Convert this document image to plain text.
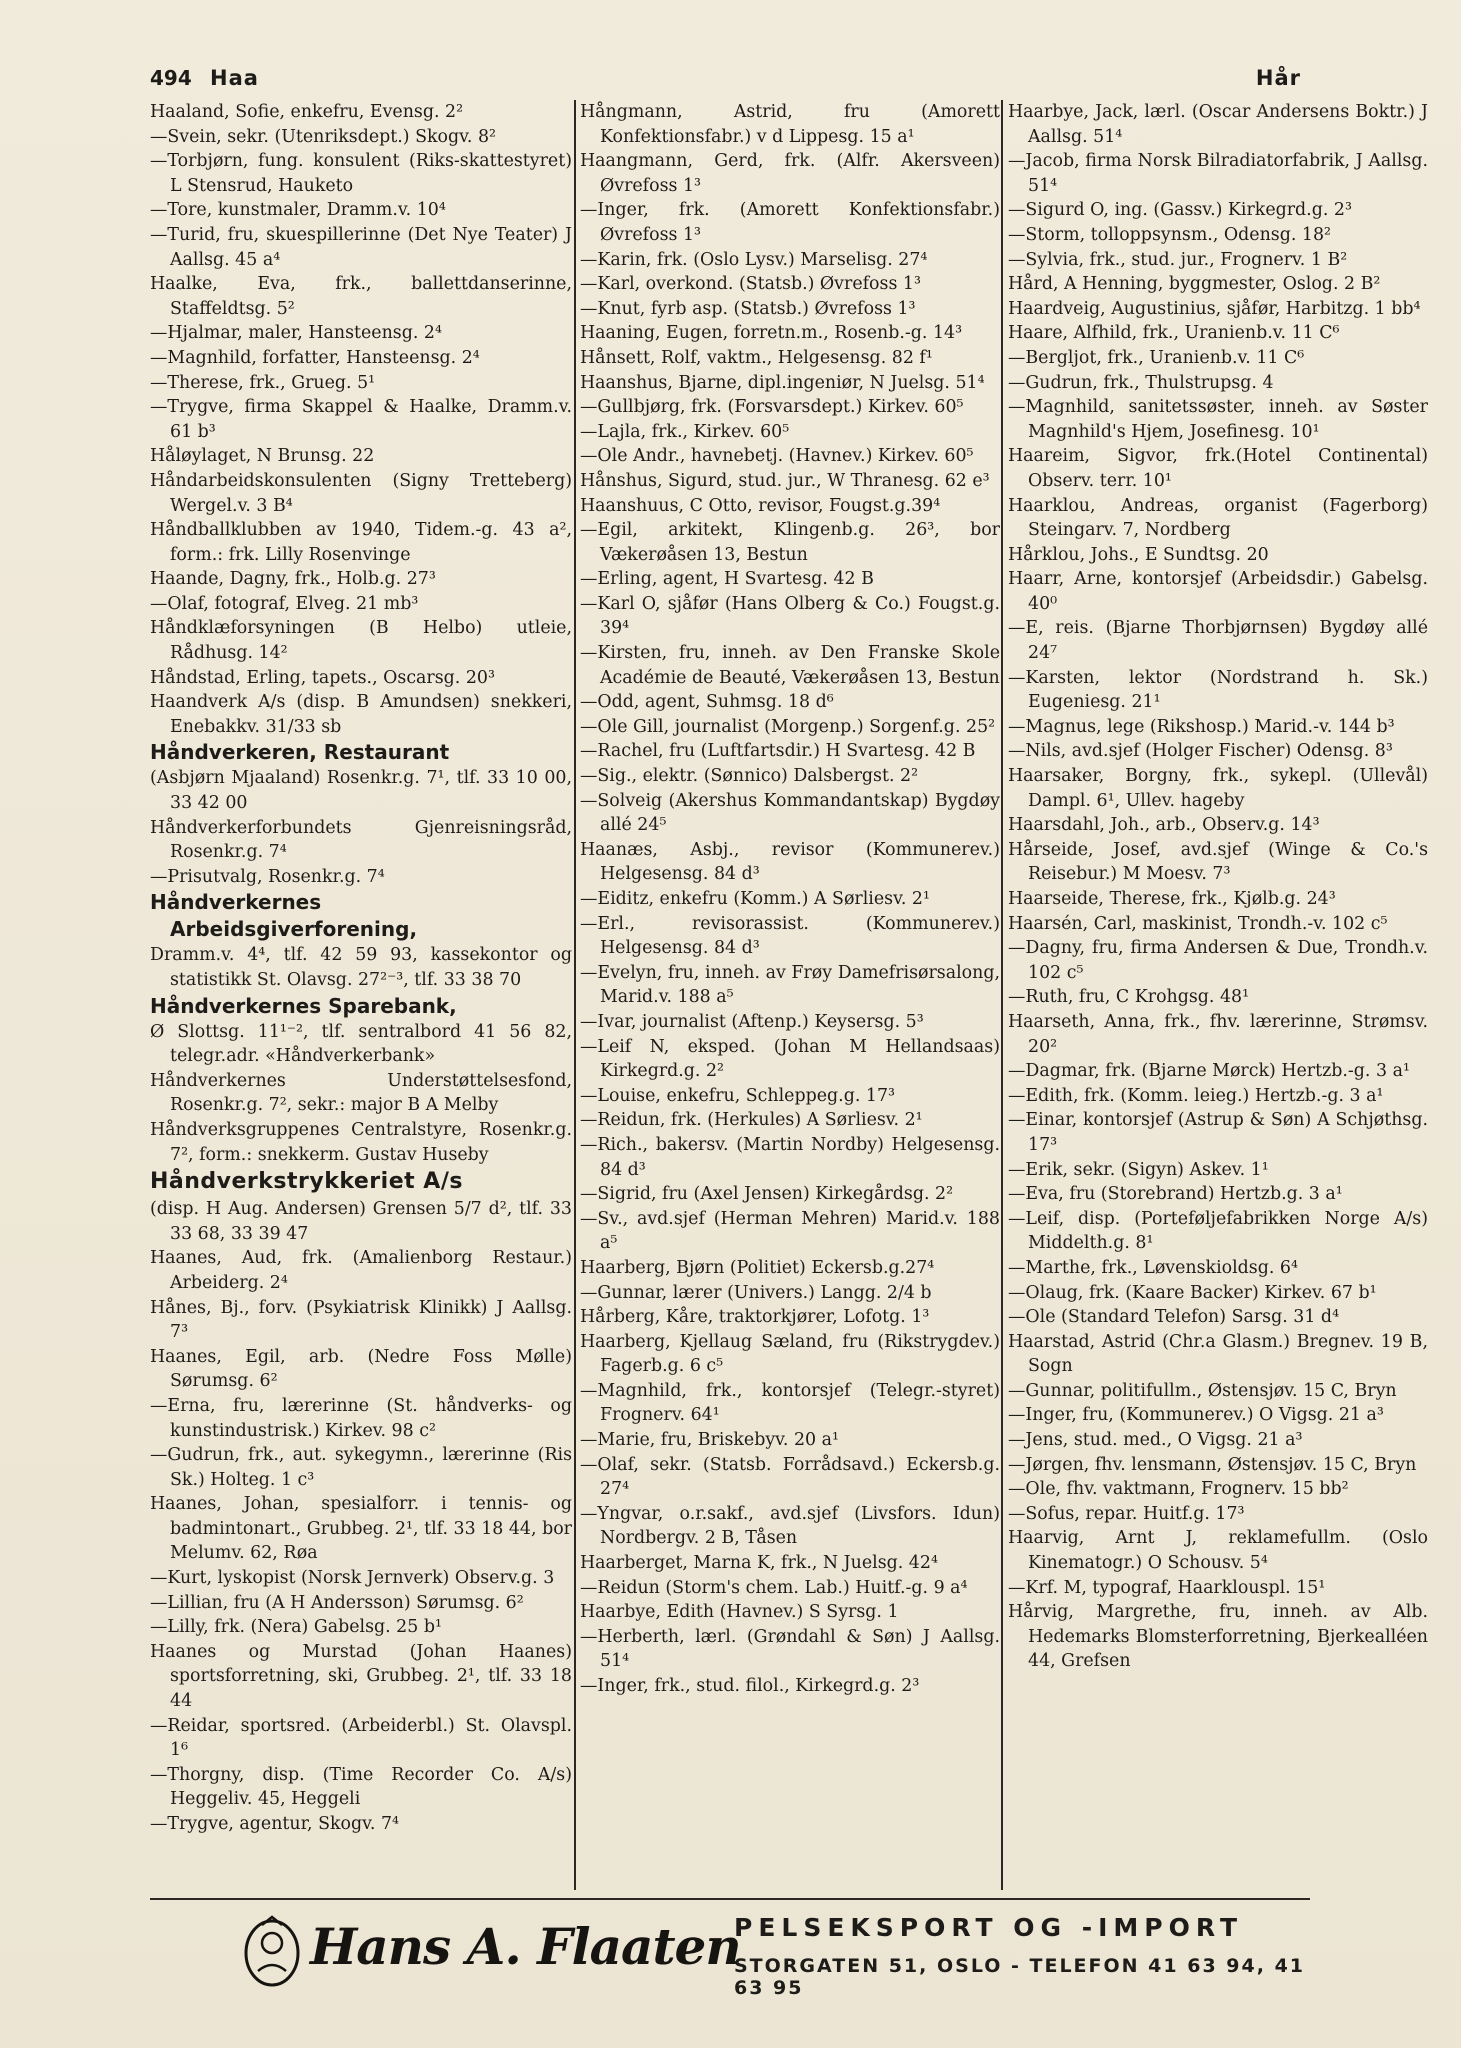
494 Haa	Hår

Haaland, Sofie, enkefru, Evensg. 2²

—Svein, sekr. (Utenriksdept.) Skogv. 8²

—Torbjørn, fung. konsulent (Riks-skattestyret) L Stensrud, Hauketo

—Tore, kunstmaler, Dramm.v. 10⁴

—Turid, fru, skuespillerinne (Det Nye Teater) J Aallsg. 45 a⁴

Haalke, Eva, frk., ballettdanserinne, Staffeldtsg. 5²

—Hjalmar, maler, Hansteensg. 2⁴

—Magnhild, forfatter, Hansteensg. 2⁴

—Therese, frk., Grueg. 5¹

—Trygve, firma Skappel & Haalke, Dramm.v. 61 b³

Håløylaget, N Brunsg. 22

Håndarbeidskonsulenten (Signy Tretteberg) Wergel.v. 3 B⁴

Håndballklubben av 1940, Tidem.-g. 43 a², form.: frk. Lilly Rosenvinge

Haande, Dagny, frk., Holb.g. 27³

—Olaf, fotograf, Elveg. 21 mb³

Håndklæforsyningen (B Helbo) utleie, Rådhusg. 14²

Håndstad, Erling, tapets., Oscarsg. 20³

Haandverk A/s (disp. B Amundsen) snekkeri, Enebakkv. 31/33 sb

Håndverkeren, Restaurant

(Asbjørn Mjaaland) Rosenkr.g. 7¹, tlf. 33 10 00, 33 42 00

Håndverkerforbundets Gjenreisningsråd, Rosenkr.g. 7⁴

—Prisutvalg, Rosenkr.g. 7⁴

Håndverkernes Arbeidsgiverforening,

Dramm.v. 4⁴, tlf. 42 59 93, kassekontor og statistikk St. Olavsg. 27²⁻³, tlf. 33 38 70

Håndverkernes Sparebank,

Ø Slottsg. 11¹⁻², tlf. sentralbord 41 56 82, telegr.adr. «Håndverkerbank»

Håndverkernes Understøttelsesfond, Rosenkr.g. 7², sekr.: major B A Melby

Håndverksgruppenes Centralstyre, Rosenkr.g. 7², form.: snekkerm. Gustav Huseby

Håndverkstrykkeriet A/s

(disp. H Aug. Andersen) Grensen 5/7 d², tlf. 33 33 68, 33 39 47

Haanes, Aud, frk. (Amalienborg Restaur.) Arbeiderg. 2⁴

Hånes, Bj., forv. (Psykiatrisk Klinikk) J Aallsg. 7³

Haanes, Egil, arb. (Nedre Foss Mølle) Sørumsg. 6²

—Erna, fru, lærerinne (St. håndverks- og kunstindustrisk.) Kirkev. 98 c²

—Gudrun, frk., aut. sykegymn., lærerinne (Ris Sk.) Holteg. 1 c³

Haanes, Johan, spesialforr. i tennis- og badmintonart., Grubbeg. 2¹, tlf. 33 18 44, bor Melumv. 62, Røa

—Kurt, lyskopist (Norsk Jernverk) Observ.g. 3

—Lillian, fru (A H Andersson) Sørumsg. 6²

—Lilly, frk. (Nera) Gabelsg. 25 b¹

Haanes og Murstad (Johan Haanes) sportsforretning, ski, Grubbeg. 2¹, tlf. 33 18 44

—Reidar, sportsred. (Arbeiderbl.) St. Olavspl. 1⁶

—Thorgny, disp. (Time Recorder Co. A/s) Heggeliv. 45, Heggeli

—Trygve, agentur, Skogv. 7⁴

Hångmann, Astrid, fru (Amorett Konfektionsfabr.) v d Lippesg. 15 a¹

Haangmann, Gerd, frk. (Alfr. Akersveen) Øvrefoss 1³

—Inger, frk. (Amorett Konfektionsfabr.) Øvrefoss 1³

—Karin, frk. (Oslo Lysv.) Marselisg. 27⁴

—Karl, overkond. (Statsb.) Øvrefoss 1³

—Knut, fyrb asp. (Statsb.) Øvrefoss 1³

Haaning, Eugen, forretn.m., Rosenb.-g. 14³

Hånsett, Rolf, vaktm., Helgesensg. 82 f¹

Haanshus, Bjarne, dipl.ingeniør, N Juelsg. 51⁴

—Gullbjørg, frk. (Forsvarsdept.) Kirkev. 60⁵

—Lajla, frk., Kirkev. 60⁵

—Ole Andr., havnebetj. (Havnev.) Kirkev. 60⁵

Hånshus, Sigurd, stud. jur., W Thranesg. 62 e³

Haanshuus, C Otto, revisor, Fougst.g.39⁴

—Egil, arkitekt, Klingenb.g. 26³, bor Vækerøåsen 13, Bestun

—Erling, agent, H Svartesg. 42 B

—Karl O, sjåfør (Hans Olberg & Co.) Fougst.g. 39⁴

—Kirsten, fru, inneh. av Den Franske Skole Académie de Beauté, Vækerøåsen 13, Bestun

—Odd, agent, Suhmsg. 18 d⁶

—Ole Gill, journalist (Morgenp.) Sorgenf.g. 25²

—Rachel, fru (Luftfartsdir.) H Svartesg. 42 B

—Sig., elektr. (Sønnico) Dalsbergst. 2²

—Solveig (Akershus Kommandantskap) Bygdøy allé 24⁵

Haanæs, Asbj., revisor (Kommunerev.) Helgesensg. 84 d³

—Eiditz, enkefru (Komm.) A Sørliesv. 2¹

—Erl., revisorassist. (Kommunerev.) Helgesensg. 84 d³

—Evelyn, fru, inneh. av Frøy Damefrisørsalong, Marid.v. 188 a⁵

—Ivar, journalist (Aftenp.) Keysersg. 5³

—Leif N, eksped. (Johan M Hellandsaas) Kirkegrd.g. 2²

—Louise, enkefru, Schleppeg.g. 17³

—Reidun, frk. (Herkules) A Sørliesv. 2¹

—Rich., bakersv. (Martin Nordby) Helgesensg. 84 d³

—Sigrid, fru (Axel Jensen) Kirkegårdsg. 2²

—Sv., avd.sjef (Herman Mehren) Marid.v. 188 a⁵

Haarberg, Bjørn (Politiet) Eckersb.g.27⁴

—Gunnar, lærer (Univers.) Langg. 2/4 b

Hårberg, Kåre, traktorkjører, Lofotg. 1³

Haarberg, Kjellaug Sæland, fru (Rikstrygdev.) Fagerb.g. 6 c⁵

—Magnhild, frk., kontorsjef (Telegr.-styret) Frognerv. 64¹

—Marie, fru, Briskebyv. 20 a¹

—Olaf, sekr. (Statsb. Forrådsavd.) Eckersb.g. 27⁴

—Yngvar, o.r.sakf., avd.sjef (Livsfors. Idun) Nordbergv. 2 B, Tåsen

Haarberget, Marna K, frk., N Juelsg. 42⁴

—Reidun (Storm's chem. Lab.) Huitf.-g. 9 a⁴

Haarbye, Edith (Havnev.) S Syrsg. 1

—Herberth, lærl. (Grøndahl & Søn) J Aallsg. 51⁴

—Inger, frk., stud. filol., Kirkegrd.g. 2³

Haarbye, Jack, lærl. (Oscar Andersens Boktr.) J Aallsg. 51⁴

—Jacob, firma Norsk Bilradiatorfabrik, J Aallsg. 51⁴

—Sigurd O, ing. (Gassv.) Kirkegrd.g. 2³

—Storm, tolloppsynsm., Odensg. 18²

—Sylvia, frk., stud. jur., Frognerv. 1 B²

Hård, A Henning, byggmester, Oslog. 2 B²

Haardveig, Augustinius, sjåfør, Harbitzg. 1 bb⁴

Haare, Alfhild, frk., Uranienb.v. 11 C⁶

—Bergljot, frk., Uranienb.v. 11 C⁶

—Gudrun, frk., Thulstrupsg. 4

—Magnhild, sanitetssøster, inneh. av Søster Magnhild's Hjem, Josefinesg. 10¹

Haareim, Sigvor, frk.(Hotel Continental) Observ. terr. 10¹

Haarklou, Andreas, organist (Fagerborg) Steingarv. 7, Nordberg

Hårklou, Johs., E Sundtsg. 20

Haarr, Arne, kontorsjef (Arbeidsdir.) Gabelsg. 40⁰

—E, reis. (Bjarne Thorbjørnsen) Bygdøy allé 24⁷

—Karsten, lektor (Nordstrand h. Sk.) Eugeniesg. 21¹

—Magnus, lege (Rikshosp.) Marid.-v. 144 b³

—Nils, avd.sjef (Holger Fischer) Odensg. 8³

Haarsaker, Borgny, frk., sykepl. (Ullevål) Dampl. 6¹, Ullev. hageby

Haarsdahl, Joh., arb., Observ.g. 14³

Hårseide, Josef, avd.sjef (Winge & Co.'s Reisebur.) M Moesv. 7³

Haarseide, Therese, frk., Kjølb.g. 24³

Haarsén, Carl, maskinist, Trondh.-v. 102 c⁵

—Dagny, fru, firma Andersen & Due, Trondh.v. 102 c⁵

—Ruth, fru, C Krohgsg. 48¹

Haarseth, Anna, frk., fhv. lærerinne, Strømsv. 20²

—Dagmar, frk. (Bjarne Mørck) Hertzb.-g. 3 a¹

—Edith, frk. (Komm. leieg.) Hertzb.-g. 3 a¹

—Einar, kontorsjef (Astrup & Søn) A Schjøthsg. 17³

—Erik, sekr. (Sigyn) Askev. 1¹

—Eva, fru (Storebrand) Hertzb.g. 3 a¹

—Leif, disp. (Porteføljefabrikken Norge A/s) Middelth.g. 8¹

—Marthe, frk., Løvenskioldsg. 6⁴

—Olaug, frk. (Kaare Backer) Kirkev. 67 b¹

—Ole (Standard Telefon) Sarsg. 31 d⁴

Haarstad, Astrid (Chr.a Glasm.) Bregnev. 19 B, Sogn

—Gunnar, politifullm., Østensjøv. 15 C, Bryn

—Inger, fru, (Kommunerev.) O Vigsg. 21 a³

—Jens, stud. med., O Vigsg. 21 a³

—Jørgen, fhv. lensmann, Østensjøv. 15 C, Bryn

—Ole, fhv. vaktmann, Frognerv. 15 bb²

—Sofus, repar. Huitf.g. 17³

Haarvig, Arnt J, reklamefullm. (Oslo Kinematogr.) O Schousv. 5⁴

—Krf. M, typograf, Haarklouspl. 15¹

Hårvig, Margrethe, fru, inneh. av Alb. Hedemarks Blomsterforretning, Bjerkealléen 44, Grefsen

Hans A. Flaaten
PELSEKSPORT OG -IMPORT
STORGATEN 51, OSLO - TELEFON 41 63 94, 41 63 95
